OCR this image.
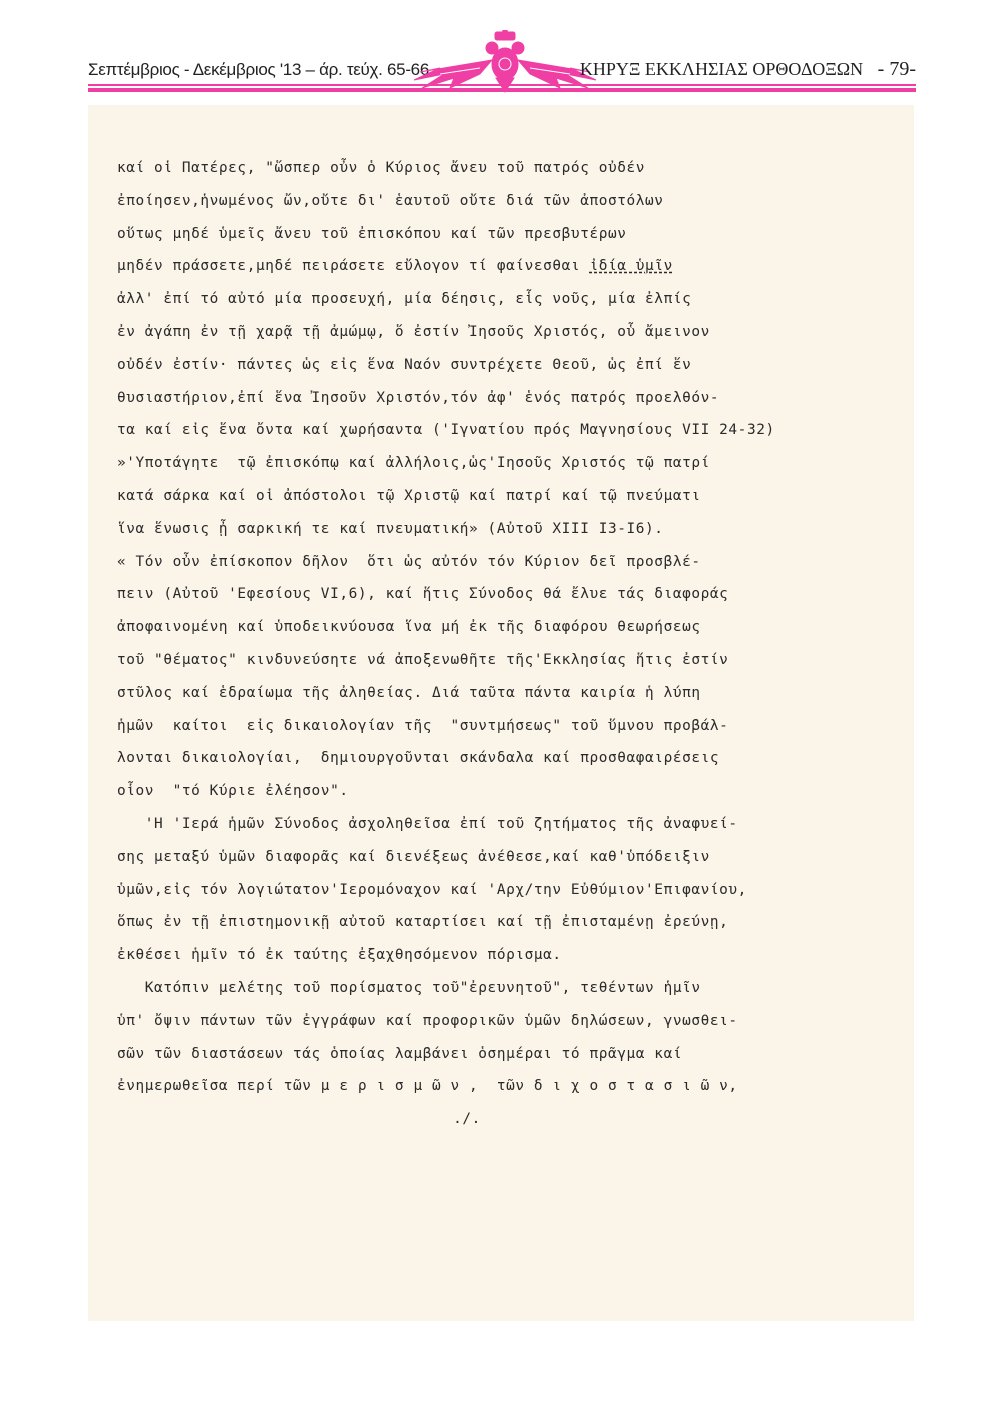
Σεπτέμβριος - Δεκέμβριος '13 – άρ. τεύχ. 65-66	ΚΗΡΥΞ ΕΚΚΛΗΣΙΑΣ ΟΡΘΟΔΟΞΩΝ - 79-
καί οἱ Πατέρες, "ὥσπερ οὖν ὁ Κύριος ἄνευ τοῦ πατρός οὐδέν
ἐποίησεν,ἡνωμένος ὤν,οὔτε δι' ἑαυτοῦ οὔτε διά τῶν ἀποστόλων
οὕτως μηδέ ὑμεῖς ἄνευ τοῦ ἐπισκόπου καί τῶν πρεσβυτέρων
μηδέν πράσσετε,μηδέ πειράσετε εὔλογον τί φαίνεσθαι ἰδία ὑμῖν
ἀλλ' ἐπί τό αὐτό μία προσευχή, μία δέησις, εἷς νοῦς, μία ἐλπίς
ἐν ἀγάπη ἐν τῇ χαρᾷ τῇ ἀμώμῳ, ὅ ἐστίν Ἰησοῦς Χριστός, οὗ ἄμεινον
οὐδέν ἐστίν· πάντες ὡς εἰς ἕνα Ναόν συντρέχετε Θεοῦ, ὡς ἐπί ἕν
θυσιαστήριον,ἐπί ἕνα Ἰησοῦν Χριστόν,τόν ἀφ' ἑνός πατρός προελθόν-
τα καί εἰς ἕνα ὄντα καί χωρήσαντα ('Ιγνατίου πρός Μαγνησίους VII 24-32)
»'Υποτάγητε  τῷ ἐπισκόπῳ καί ἀλλήλοις,ὡς'Ιησοῦς Χριστός τῷ πατρί
κατά σάρκα καί οἱ ἀπόστολοι τῷ Χριστῷ καί πατρί καί τῷ πνεύματι
ἵνα ἕνωσις ᾖ σαρκική τε καί πνευματική» (Αὐτοῦ XIII I3-I6).
« Τόν οὖν ἐπίσκοπον δῆλον  ὅτι ὡς αὐτόν τόν Κύριον δεῖ προσβλέ-
πειν (Αὐτοῦ 'Εφεσίους VI,6), καί ἥτις Σύνοδος θά ἔλυε τάς διαφοράς
ἀποφαινομένη καί ὑποδεικνύουσα ἵνα μή ἐκ τῆς διαφόρου θεωρήσεως
τοῦ "θέματος" κινδυνεύσητε νά ἀποξενωθῆτε τῆς'Εκκλησίας ἥτις ἐστίν
στῦλος καί ἑδραίωμα τῆς ἀληθείας. Διά ταῦτα πάντα καιρία ἡ λύπη
ἡμῶν  καίτοι  εἰς δικαιολογίαν τῆς  "συντμήσεως" τοῦ ὕμνου προβάλ-
λονται δικαιολογίαι,  δημιουργοῦνται σκάνδαλα καί προσθαφαιρέσεις
οἷον  "τό Κύριε ἐλέησον".
'Η 'Ιερά ἡμῶν Σύνοδος ἀσχοληθεῖσα ἐπί τοῦ ζητήματος τῆς ἀναφυεί-
σης μεταξύ ὑμῶν διαφορᾶς καί διενέξεως ἀνέθεσε,καί καθ'ὑπόδειξιν
ὑμῶν,εἰς τόν λογιώτατον'Ιερομόναχον καί 'Αρχ/την Εὐθύμιον'Επιφανίου,
ὅπως ἐν τῇ ἐπιστημονικῇ αὐτοῦ καταρτίσει καί τῇ ἐπισταμένῃ ἐρεύνῃ,
ἐκθέσει ἡμῖν τό ἐκ ταύτης ἐξαχθησόμενον πόρισμα.
Κατόπιν μελέτης τοῦ πορίσματος τοῦ"ἐρευνητοῦ", τεθέντων ἡμῖν
ὑπ' ὄψιν πάντων τῶν ἐγγράφων καί προφορικῶν ὑμῶν δηλώσεων, γνωσθει-
σῶν τῶν διαστάσεων τάς ὁποίας λαμβάνει ὁσημέραι τό πρᾶγμα καί
ἐνημερωθεῖσα περί τῶν μ ε ρ ι σ μ ῶ ν ,  τῶν δ ι χ ο σ τ α σ ι ῶ ν,
./.
